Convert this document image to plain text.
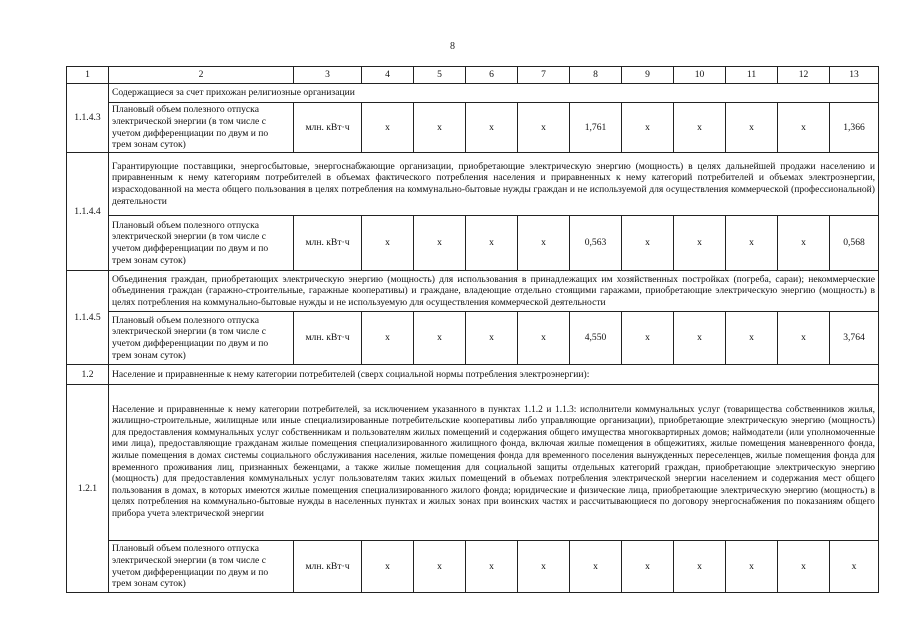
8
1	2	3	4	5	6	7	8	9	10	11	12	13
1.1.4.3	Содержащиеся за счет прихожан религиозные организации											
	Плановый объем полезного отпуска электрической энергии (в том числе с учетом дифференциации по двум и по трем зонам суток)	млн. кВт·ч	х	х	х	х	1,761	х	х	х	х	1,366
1.1.4.4	Гарантирующие поставщики, энергосбытовые, энергоснабжающие организации, приобретающие электрическую энергию (мощность) в целях дальнейшей продажи населению и приравненным к нему категориям потребителей в объемах фактического потребления населения и приравненных к нему категорий потребителей и объемах электроэнергии, израсходованной на места общего пользования в целях потребления на коммунально-бытовые нужды граждан и не используемой для осуществления коммерческой (профессиональной) деятельности											
	Плановый объем полезного отпуска электрической энергии (в том числе с учетом дифференциации по двум и по трем зонам суток)	млн. кВт·ч	х	х	х	х	0,563	х	х	х	х	0,568
1.1.4.5	Объединения граждан, приобретающих электрическую энергию (мощность) для использования в принадлежащих им хозяйственных постройках (погреба, сараи); некоммерческие объединения граждан (гаражно-строительные, гаражные кооперативы) и граждане, владеющие отдельно стоящими гаражами, приобретающие электрическую энергию (мощность) в целях потребления на коммунально-бытовые нужды и не используемую для осуществления коммерческой деятельности											
	Плановый объем полезного отпуска электрической энергии (в том числе с учетом дифференциации по двум и по трем зонам суток)	млн. кВт·ч	х	х	х	х	4,550	х	х	х	х	3,764
1.2	Население и приравненные к нему категории потребителей (сверх социальной нормы потребления электроэнергии):											
1.2.1	Население и приравненные к нему категории потребителей, за исключением указанного в пунктах 1.1.2 и 1.1.3: исполнители коммунальных услуг (товарищества собственников жилья, жилищно-строительные, жилищные или иные специализированные потребительские кооперативы либо управляющие организации), приобретающие электрическую энергию (мощность) для предоставления коммунальных услуг собственникам и пользователям жилых помещений и содержания общего имущества многоквартирных домов; наймодатели (или уполномоченные ими лица), предоставляющие гражданам жилые помещения специализированного жилищного фонда, включая жилые помещения в общежитиях, жилые помещения маневренного фонда, жилые помещения в домах системы социального обслуживания населения, жилые помещения фонда для временного поселения вынужденных переселенцев, жилые помещения фонда для временного проживания лиц, признанных беженцами, а также жилые помещения для социальной защиты отдельных категорий граждан, приобретающие электрическую энергию (мощность) для предоставления коммунальных услуг пользователям таких жилых помещений в объемах потребления электрической энергии населением и содержания мест общего пользования в домах, в которых имеются жилые помещения специализированного жилого фонда; юридические и физические лица, приобретающие электрическую энергию (мощность) в целях потребления на коммунально-бытовые нужды в населенных пунктах и жилых зонах при воинских частях и рассчитывающиеся по договору энергоснабжения по показаниям общего прибора учета электрической энергии											
	Плановый объем полезного отпуска электрической энергии (в том числе с учетом дифференциации по двум и по трем зонам суток)	млн. кВт·ч	х	х	х	х	х	х	х	х	х	х
